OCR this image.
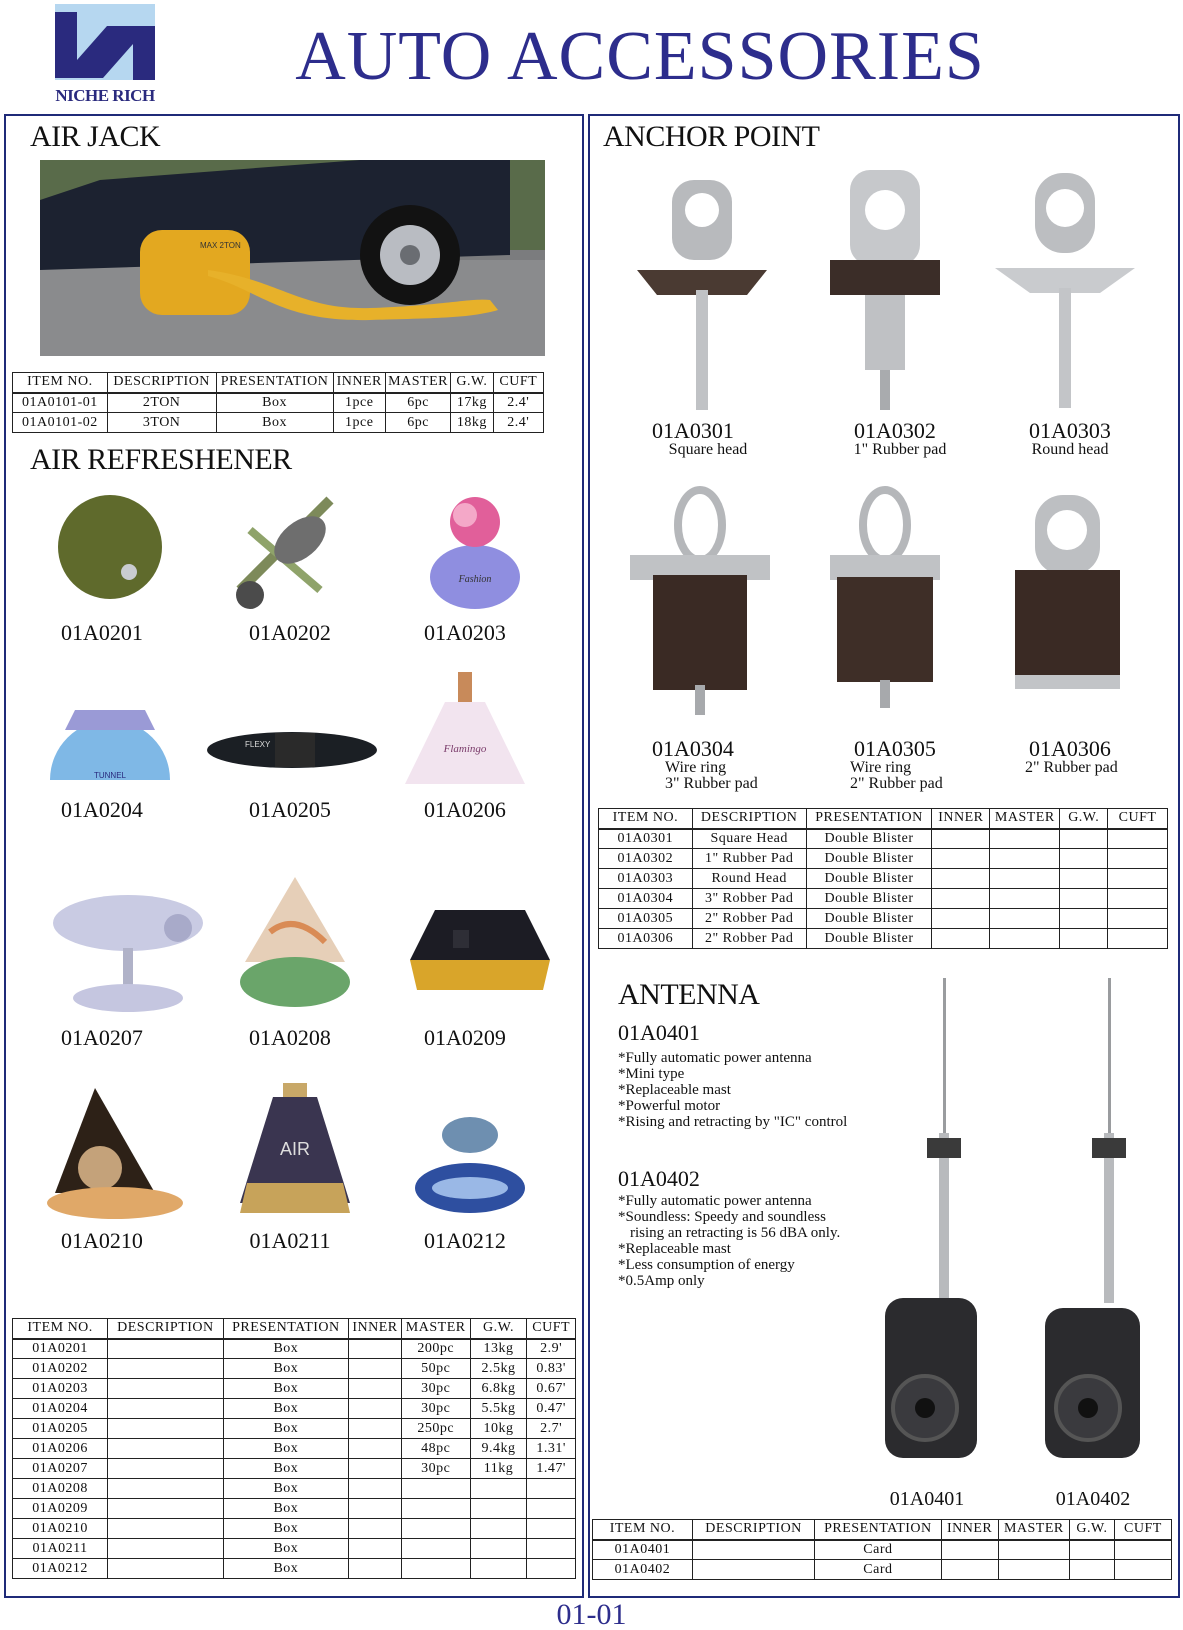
NICHE RICH
AUTO ACCESSORIES
AIR JACK
MAX 2TON
ITEM NO.	DESCRIPTION	PRESENTATION	INNER	MASTER	G.W.	CUFT
01A0101-01	2TON	Box	1pce	6pc	17kg	2.4'
01A0101-02	3TON	Box	1pce	6pc	18kg	2.4'
AIR REFRESHENER
Fashion
01A0201	01A0202	01A0203
TUNNEL
FLEXY	Flamingo
01A0204	01A0205	01A0206
01A0207	01A0208	01A0209
AIR
01A0210	01A0211	01A0212
ITEM NO.	DESCRIPTION	PRESENTATION	INNER	MASTER	G.W.	CUFT
01A0201		Box		200pc	13kg	2.9'
01A0202		Box		50pc	2.5kg	0.83'
01A0203		Box		30pc	6.8kg	0.67'
01A0204		Box		30pc	5.5kg	0.47'
01A0205		Box		250pc	10kg	2.7'
01A0206		Box		48pc	9.4kg	1.31'
01A0207		Box		30pc	11kg	1.47'
01A0208		Box				
01A0209		Box				
01A0210		Box				
01A0211		Box				
01A0212		Box				
ANCHOR POINT
01A0301
Square head
01A0302
1" Rubber pad
01A0303
Round head
01A0304
Wire ring
3" Rubber pad
01A0305
Wire ring
2" Rubber pad
01A0306
2" Rubber pad
ITEM NO.	DESCRIPTION	PRESENTATION	INNER	MASTER	G.W.	CUFT
01A0301	Square Head	Double Blister				
01A0302	1" Rubber Pad	Double Blister				
01A0303	Round Head	Double Blister				
01A0304	3" Robber Pad	Double Blister				
01A0305	2" Robber Pad	Double Blister				
01A0306	2" Robber Pad	Double Blister				
ANTENNA
01A0401
*Fully automatic power antenna
*Mini type
*Replaceable mast
*Powerful motor
*Rising and retracting by "IC" control
01A0402
*Fully automatic power antenna
*Soundless: Speedy and soundless
rising an retracting is 56 dBA only.
*Replaceable mast
*Less consumption of energy
*0.5Amp only
01A0401	01A0402
ITEM NO.	DESCRIPTION	PRESENTATION	INNER	MASTER	G.W.	CUFT
01A0401		Card				
01A0402		Card				
01-01
